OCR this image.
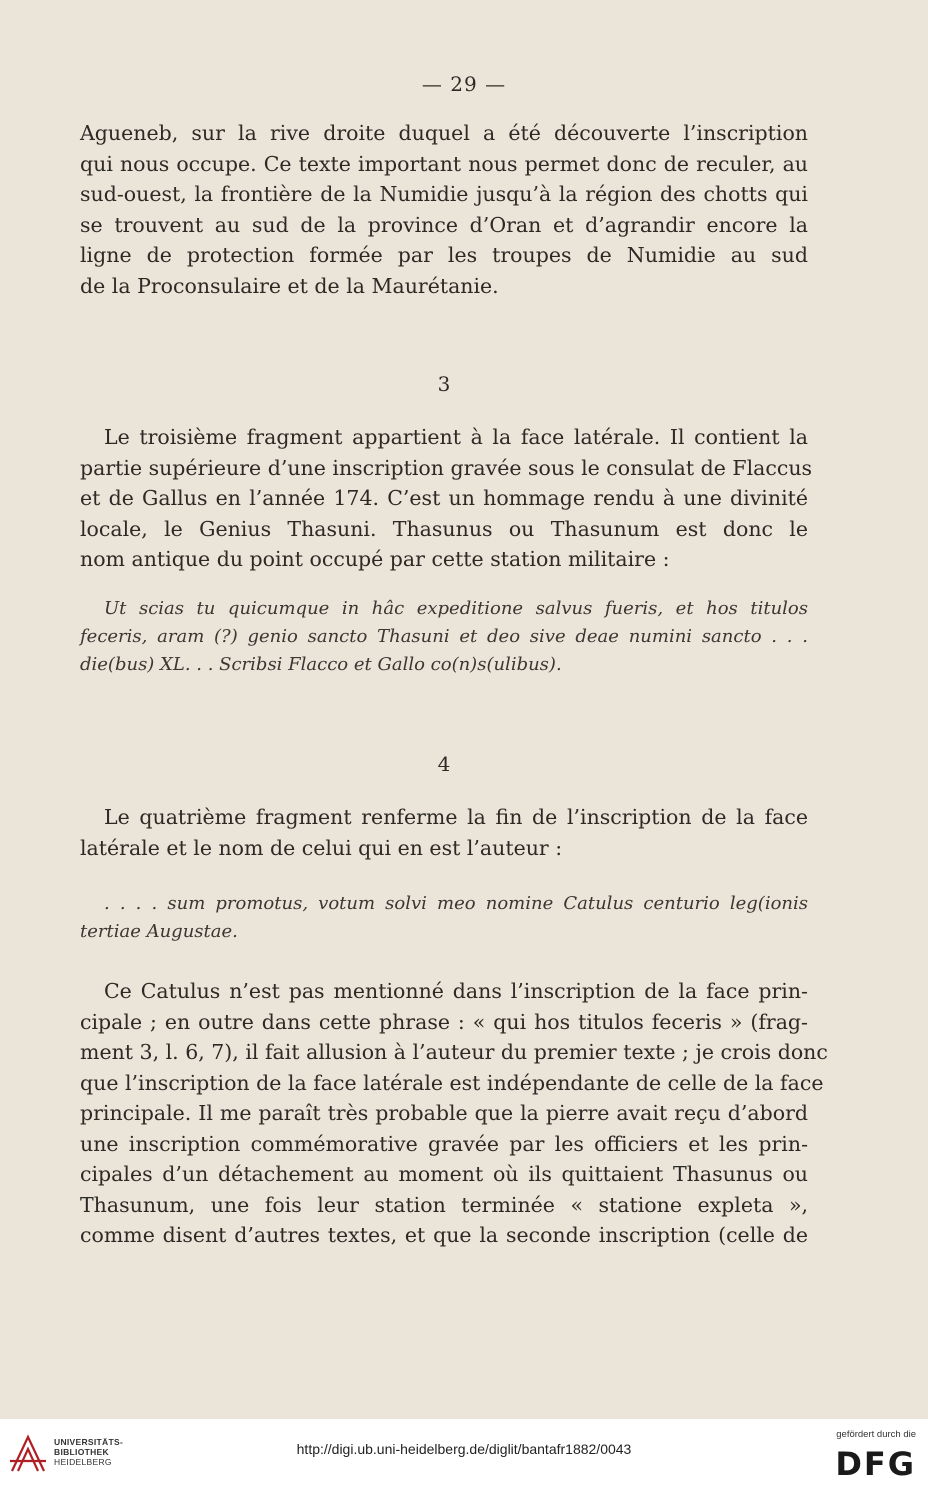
— 29 —
Agueneb, sur la rive droite duquel a été découverte l’inscription
qui nous occupe. Ce texte important nous permet donc de reculer, au
sud-ouest, la frontière de la Numidie jusqu’à la région des chotts qui
se trouvent au sud de la province d’Oran et d’agrandir encore la
ligne de protection formée par les troupes de Numidie au sud
de la Proconsulaire et de la Maurétanie.
3
Le troisième fragment appartient à la face latérale. Il contient la
partie supérieure d’une inscription gravée sous le consulat de Flaccus
et de Gallus en l’année 174. C’est un hommage rendu à une divinité
locale, le Genius Thasuni. Thasunus ou Thasunum est donc le
nom antique du point occupé par cette station militaire :
Ut scias tu quicumque in hâc expeditione salvus fueris, et hos titulos
feceris, aram (?) genio sancto Thasuni et deo sive deae numini sancto . . .
die(bus) XL. . . Scribsi Flacco et Gallo co(n)s(ulibus).
4
Le quatrième fragment renferme la fin de l’inscription de la face
latérale et le nom de celui qui en est l’auteur :
. . . . sum promotus, votum solvi meo nomine Catulus centurio leg(ionis
tertiae Augustae.
Ce Catulus n’est pas mentionné dans l’inscription de la face prin-
cipale ; en outre dans cette phrase : « qui hos titulos feceris » (frag-
ment 3, l. 6, 7), il fait allusion à l’auteur du premier texte ; je crois donc
que l’inscription de la face latérale est indépendante de celle de la face
principale. Il me paraît très probable que la pierre avait reçu d’abord
une inscription commémorative gravée par les officiers et les prin-
cipales d’un détachement au moment où ils quittaient Thasunus ou
Thasunum, une fois leur station terminée « statione expleta »,
comme disent d’autres textes, et que la seconde inscription (celle de
UNIVERSITÄTS-
BIBLIOTHEK
HEIDELBERG
http://digi.ub.uni-heidelberg.de/diglit/bantafr1882/0043
gefördert durch die
DFG
